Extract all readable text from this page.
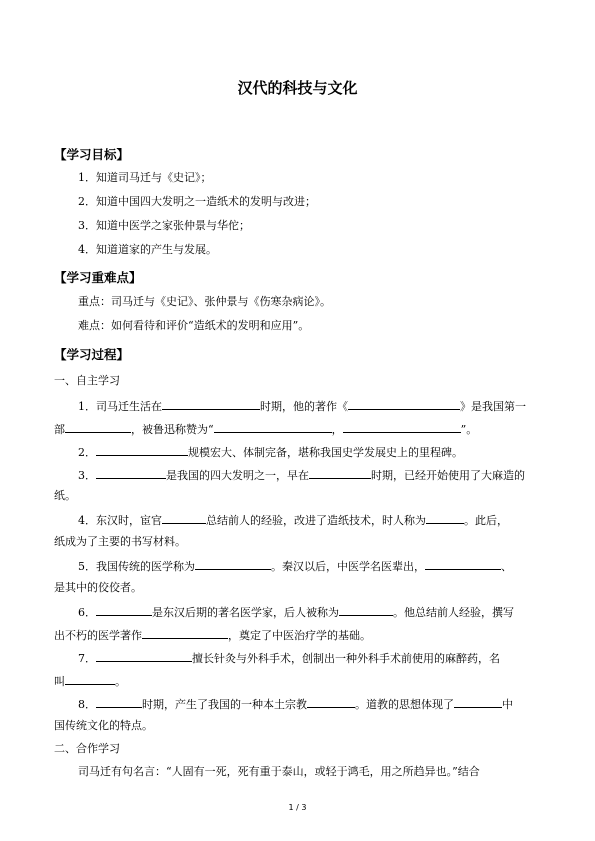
汉代的科技与文化
【学习目标】
1．知道司马迁与《史记》；
2．知道中国四大发明之一造纸术的发明与改进；
3．知道中医学之家张仲景与华佗；
4．知道道家的产生与发展。
【学习重难点】
重点：司马迁与《史记》、张仲景与《伤寒杂病论》。
难点：如何看待和评价“造纸术的发明和应用”。
【学习过程】
一、自主学习
1．司马迁生活在	时期，他的著作《	》是我国第一
部	，被鲁迅称赞为“	，	”。
2．	规模宏大、体制完备，堪称我国史学发展史上的里程碑。
3．	是我国的四大发明之一，早在	时期，已经开始使用了大麻造的
纸。
4．东汉时，宦官	总结前人的经验，改进了造纸技术，时人称为	。此后，
纸成为了主要的书写材料。
5．我国传统的医学称为	。秦汉以后，中医学名医辈出，	、
是其中的佼佼者。
6．	是东汉后期的著名医学家，后人被称为	。他总结前人经验，撰写
出不朽的医学著作	，奠定了中医治疗学的基础。
7．	擅长针灸与外科手术，创制出一种外科手术前使用的麻醉药，名
叫	。
8．	时期，产生了我国的一种本土宗教	。道教的思想体现了	中
国传统文化的特点。
二、合作学习
司马迁有句名言：“人固有一死，死有重于泰山，或轻于鸿毛，用之所趋异也。”结合
1 / 3
